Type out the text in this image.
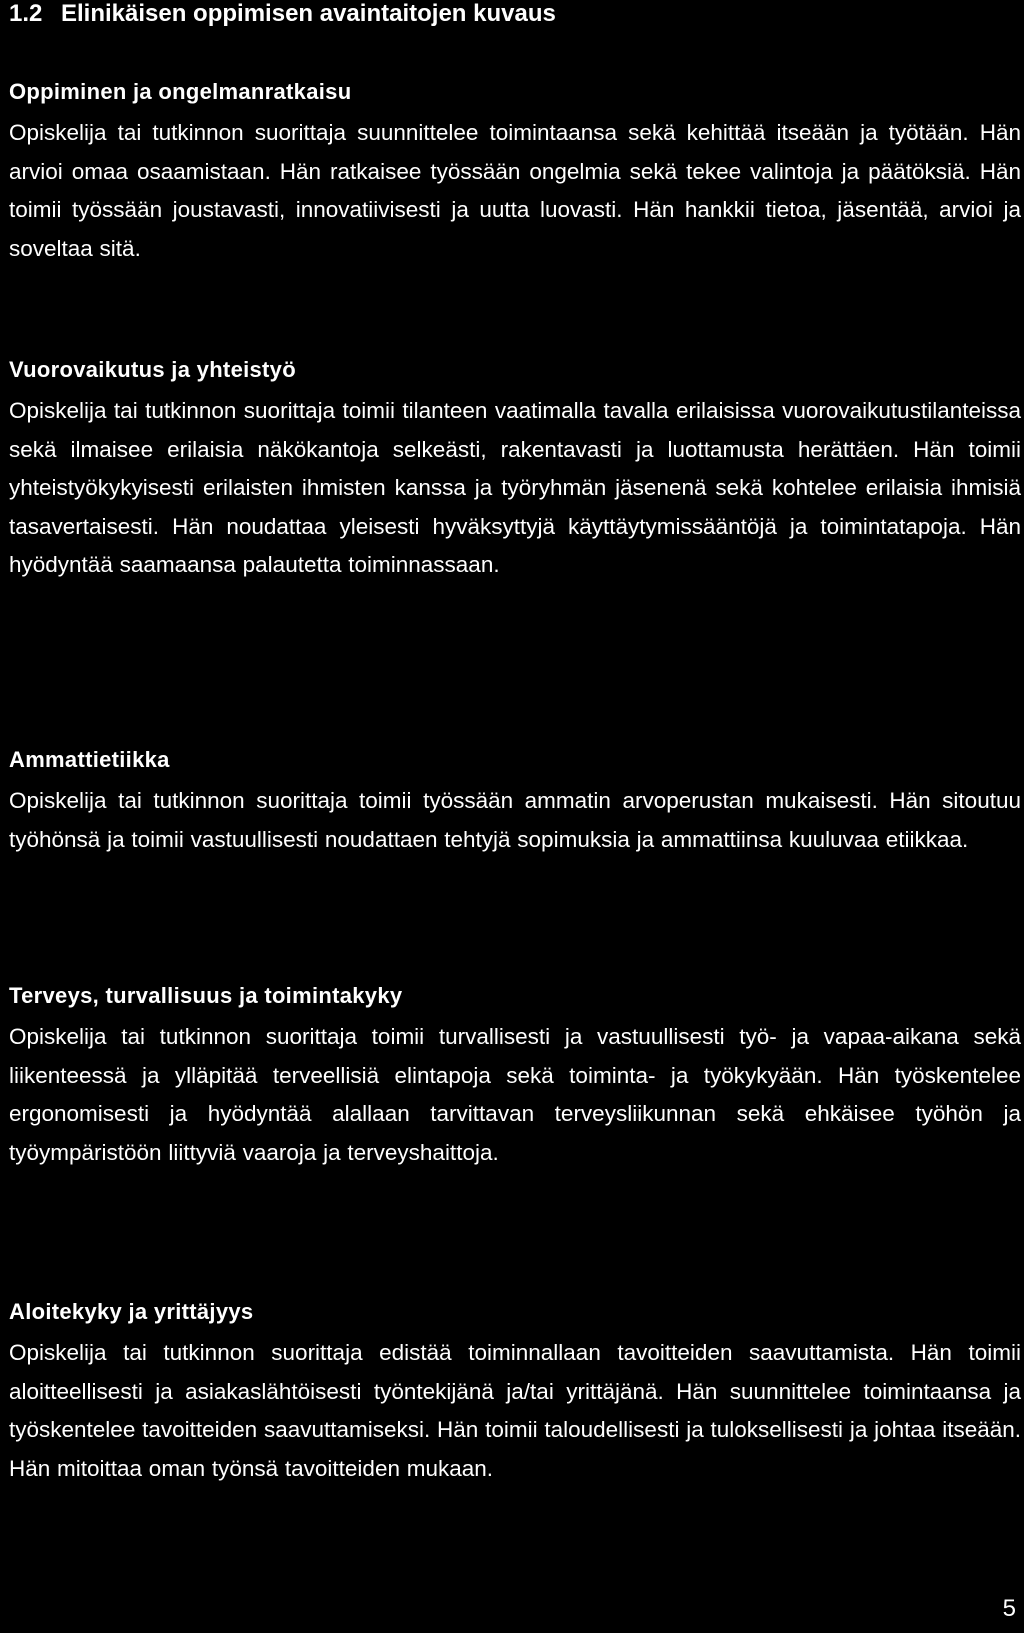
1.2 Elinikäisen oppimisen avaintaitojen kuvaus
Oppiminen ja ongelmanratkaisu

Opiskelija tai tutkinnon suorittaja suunnittelee toimintaansa sekä kehittää itseään ja työtään. Hän arvioi omaa osaamistaan. Hän ratkaisee työssään ongelmia sekä tekee valintoja ja päätöksiä. Hän toimii työssään joustavasti, innovatiivisesti ja uutta luovasti. Hän hankkii tietoa, jäsentää, arvioi ja soveltaa sitä.

Vuorovaikutus ja yhteistyö

Opiskelija tai tutkinnon suorittaja toimii tilanteen vaatimalla tavalla erilaisissa vuorovaikutustilanteissa sekä ilmaisee erilaisia näkökantoja selkeästi, rakentavasti ja luottamusta herättäen. Hän toimii yhteistyökykyisesti erilaisten ihmisten kanssa ja työryhmän jäsenenä sekä kohtelee erilaisia ihmisiä tasavertaisesti. Hän noudattaa yleisesti hyväksyttyjä käyttäytymissääntöjä ja toimintatapoja. Hän hyödyntää saamaansa palautetta toiminnassaan.

Ammattietiikka

Opiskelija tai tutkinnon suorittaja toimii työssään ammatin arvoperustan mukaisesti. Hän sitoutuu työhönsä ja toimii vastuullisesti noudattaen tehtyjä sopimuksia ja ammattiinsa kuuluvaa etiikkaa.

Terveys, turvallisuus ja toimintakyky

Opiskelija tai tutkinnon suorittaja toimii turvallisesti ja vastuullisesti työ- ja vapaa-aikana sekä liikenteessä ja ylläpitää terveellisiä elintapoja sekä toiminta- ja työkykyään. Hän työskentelee ergonomisesti ja hyödyntää alallaan tarvittavan terveysliikunnan sekä ehkäisee työhön ja työympäristöön liittyviä vaaroja ja terveyshaittoja.

Aloitekyky ja yrittäjyys

Opiskelija tai tutkinnon suorittaja edistää toiminnallaan tavoitteiden saavuttamista. Hän toimii aloitteellisesti ja asiakaslähtöisesti työntekijänä ja/tai yrittäjänä. Hän suunnittelee toimintaansa ja työskentelee tavoitteiden saavuttamiseksi. Hän toimii taloudellisesti ja tuloksellisesti ja johtaa itseään. Hän mitoittaa oman työnsä tavoitteiden mukaan.

5
